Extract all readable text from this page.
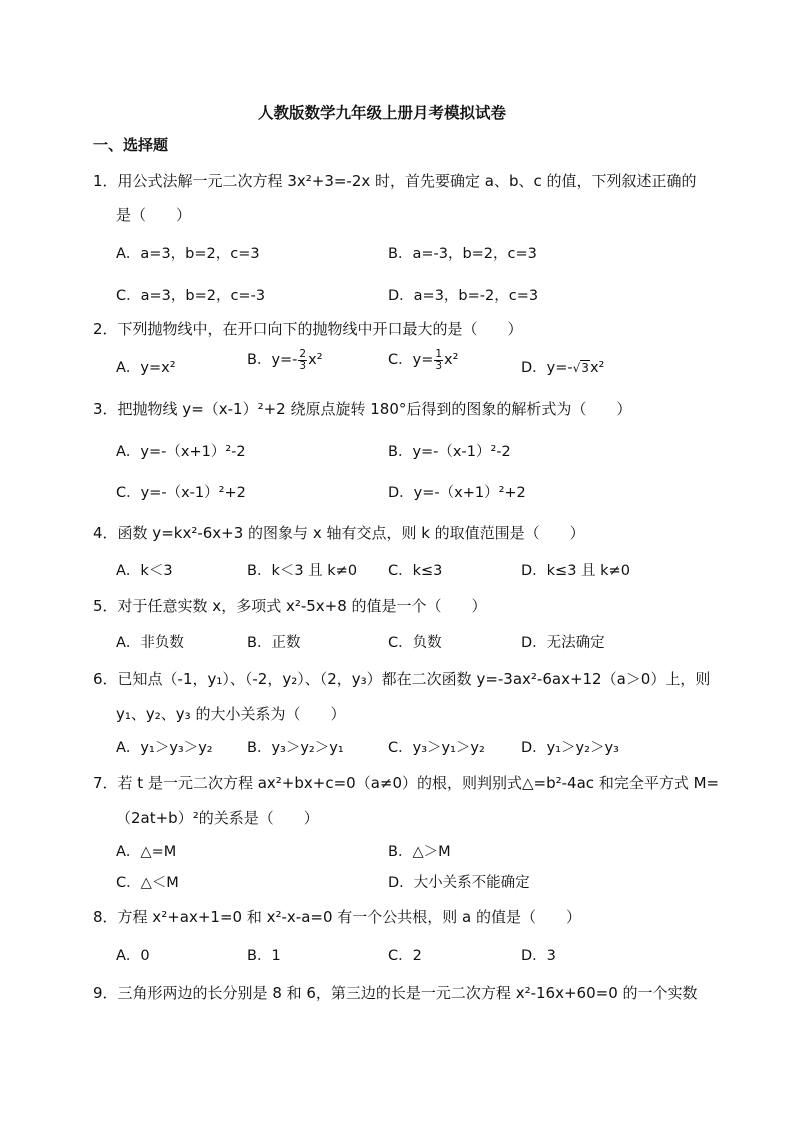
人教版数学九年级上册月考模拟试卷
一、选择题
1．用公式法解一元二次方程 3x²+3=-2x 时，首先要确定 a、b、c 的值，下列叙述正确的
是（　　）
A．a=3，b=2，c=3	B．a=-3，b=2，c=3
C．a=3，b=2，c=-3	D．a=3，b=-2，c=3
2．下列抛物线中，在开口向下的抛物线中开口最大的是（　　）
A．y=x²	B．$y=- \frac{2}{3} x^2$	C．$y= \frac{1}{3} x^2$	D．y=-√3x²
3．把抛物线 y=（x-1）²+2 绕原点旋转 180°后得到的图象的解析式为（　　）
A．y=-（x+1）²-2	B．y=-（x-1）²-2
C．y=-（x-1）²+2	D．y=-（x+1）²+2
4．函数 y=kx²-6x+3 的图象与 x 轴有交点，则 k 的取值范围是（　　）
A．k＜3	B．k＜3 且 k≠0 C．k≤3	D．k≤3 且 k≠0
5．对于任意实数 x，多项式 x²-5x+8 的值是一个（　　）
A．非负数	B．正数	C．负数	D．无法确定
6．已知点（-1，y₁）、（-2，y₂）、（2，y₃）都在二次函数 y=-3ax²-6ax+12（a＞0）上，则
y₁、y₂、y₃ 的大小关系为（　　）
A．y₁＞y₃＞y₂ B．y₃＞y₂＞y₁	C．y₃＞y₁＞y₂ D．y₁＞y₂＞y₃
7．若 t 是一元二次方程 ax²+bx+c=0（a≠0）的根，则判别式△=b²-4ac 和完全平方式 M=
（2at+b）²的关系是（　　）
A．△=M	B．△＞M
C．△＜M	D．大小关系不能确定
8．方程 x²+ax+1=0 和 x²-x-a=0 有一个公共根，则 a 的值是（　　）
A．0	B．1	C．2	D．3
9．三角形两边的长分别是 8 和 6，第三边的长是一元二次方程 x²-16x+60=0 的一个实数
